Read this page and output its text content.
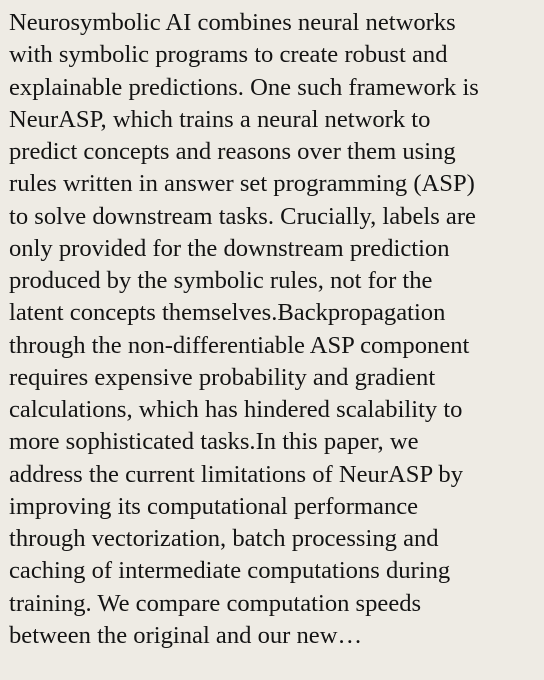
Neurosymbolic AI combines neural networks
with symbolic programs to create robust and
explainable predictions. One such framework is
NeurASP, which trains a neural network to
predict concepts and reasons over them using
rules written in answer set programming (ASP)
to solve downstream tasks. Crucially, labels are
only provided for the downstream prediction
produced by the symbolic rules, not for the
latent concepts themselves.Backpropagation
through the non-differentiable ASP component
requires expensive probability and gradient
calculations, which has hindered scalability to
more sophisticated tasks.In this paper, we
address the current limitations of NeurASP by
improving its computational performance
through vectorization, batch processing and
caching of intermediate computations during
training. We compare computation speeds
between the original and our new…
